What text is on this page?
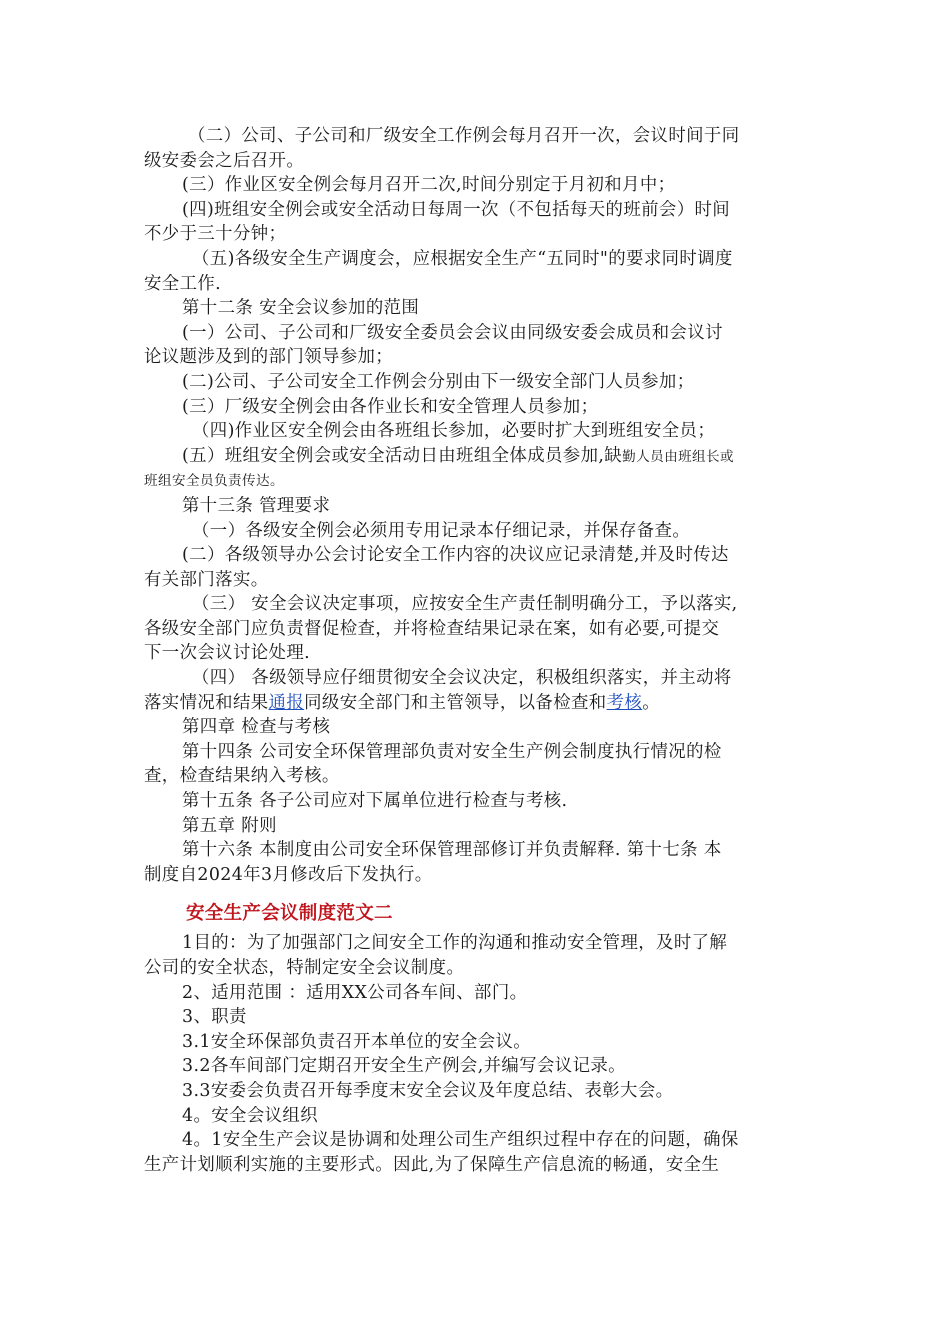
（二）公司、子公司和厂级安全工作例会每月召开一次，会议时间于同
级安委会之后召开。
(三）作业区安全例会每月召开二次,时间分别定于月初和月中；
(四)班组安全例会或安全活动日每周一次（不包括每天的班前会）时间
不少于三十分钟；
（五)各级安全生产调度会，应根据安全生产“五同时"的要求同时调度
安全工作.
第十二条 安全会议参加的范围
(一）公司、子公司和厂级安全委员会会议由同级安委会成员和会议讨
论议题涉及到的部门领导参加；
(二)公司、子公司安全工作例会分别由下一级安全部门人员参加；
(三）厂级安全例会由各作业长和安全管理人员参加；
（四)作业区安全例会由各班组长参加，必要时扩大到班组安全员；
(五）班组安全例会或安全活动日由班组全体成员参加,缺勤人员由班组长或
班组安全员负责传达。
第十三条 管理要求
（一）各级安全例会必须用专用记录本仔细记录，并保存备查。
(二）各级领导办公会讨论安全工作内容的决议应记录清楚,并及时传达
有关部门落实。
（三） 安全会议决定事项，应按安全生产责任制明确分工，予以落实,
各级安全部门应负责督促检查，并将检查结果记录在案，如有必要,可提交
下一次会议讨论处理.
（四） 各级领导应仔细贯彻安全会议决定，积极组织落实，并主动将
落实情况和结果通报同级安全部门和主管领导，以备检查和考核。
第四章 检查与考核
第十四条 公司安全环保管理部负责对安全生产例会制度执行情况的检
查，检查结果纳入考核。
第十五条 各子公司应对下属单位进行检查与考核.
第五章 附则
第十六条 本制度由公司安全环保管理部修订并负责解释. 第十七条 本
制度自2024年3月修改后下发执行。
安全生产会议制度范文二
1目的：为了加强部门之间安全工作的沟通和推动安全管理，及时了解
公司的安全状态，特制定安全会议制度。
2、适用范围 ：适用XX公司各车间、部门。
3、职责
3.1安全环保部负责召开本单位的安全会议。
3.2各车间部门定期召开安全生产例会,并编写会议记录。
3.3安委会负责召开每季度末安全会议及年度总结、表彰大会。
4。安全会议组织
4。1安全生产会议是协调和处理公司生产组织过程中存在的问题，确保
生产计划顺利实施的主要形式。因此,为了保障生产信息流的畅通，安全生
